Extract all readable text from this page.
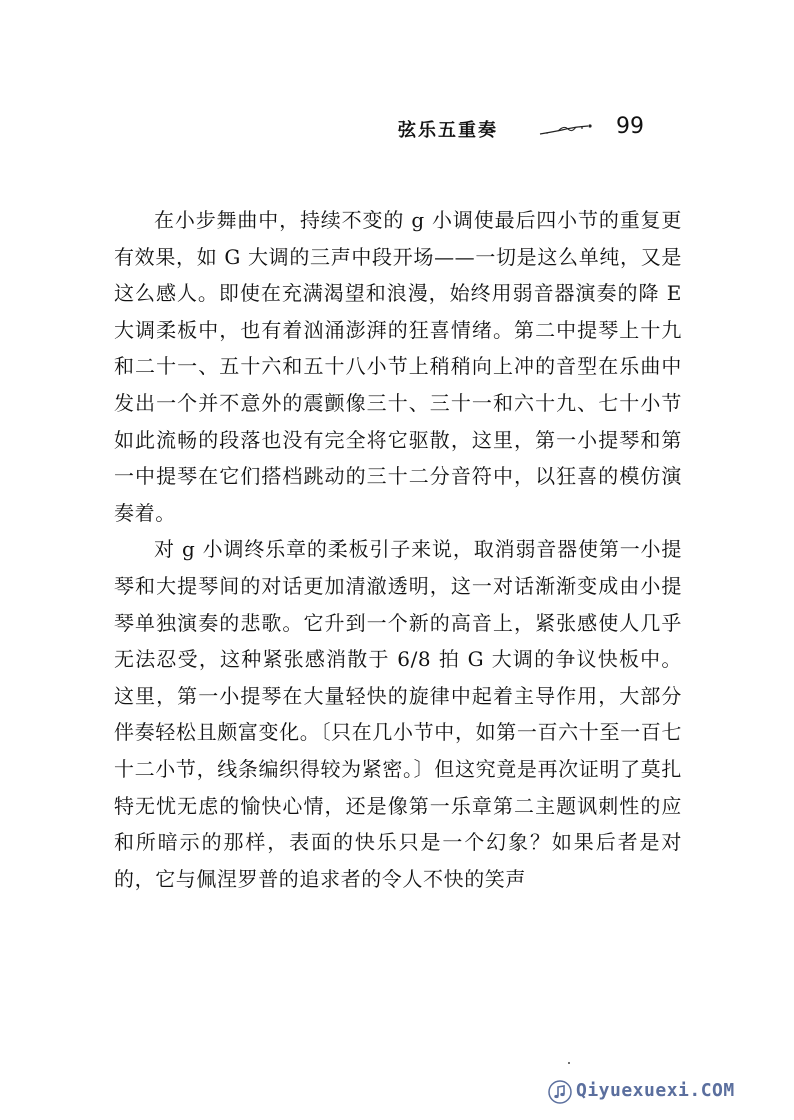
弦乐五重奏	99

在小步舞曲中，持续不变的 g 小调使最后四小节的重复更有效果，如 G 大调的三声中段开场——一切是这么单纯，又是这么感人。即使在充满渴望和浪漫，始终用弱音器演奏的降 E 大调柔板中，也有着汹涌澎湃的狂喜情绪。第二中提琴上十九和二十一、五十六和五十八小节上稍稍向上冲的音型在乐曲中发出一个并不意外的震颤像三十、三十一和六十九、七十小节如此流畅的段落也没有完全将它驱散，这里，第一小提琴和第一中提琴在它们搭档跳动的三十二分音符中，以狂喜的模仿演奏着。

对 g 小调终乐章的柔板引子来说，取消弱音器使第一小提琴和大提琴间的对话更加清澈透明，这一对话渐渐变成由小提琴单独演奏的悲歌。它升到一个新的高音上，紧张感使人几乎无法忍受，这种紧张感消散于 6/8 拍 G 大调的争议快板中。这里，第一小提琴在大量轻快的旋律中起着主导作用，大部分伴奏轻松且颇富变化。〔只在几小节中，如第一百六十至一百七十二小节，线条编织得较为紧密。〕但这究竟是再次证明了莫扎特无忧无虑的愉快心情，还是像第一乐章第二主题讽刺性的应和所暗示的那样，表面的快乐只是一个幻象？如果后者是对的，它与佩涅罗普的追求者的令人不快的笑声

Qiyuexuexi.COM
